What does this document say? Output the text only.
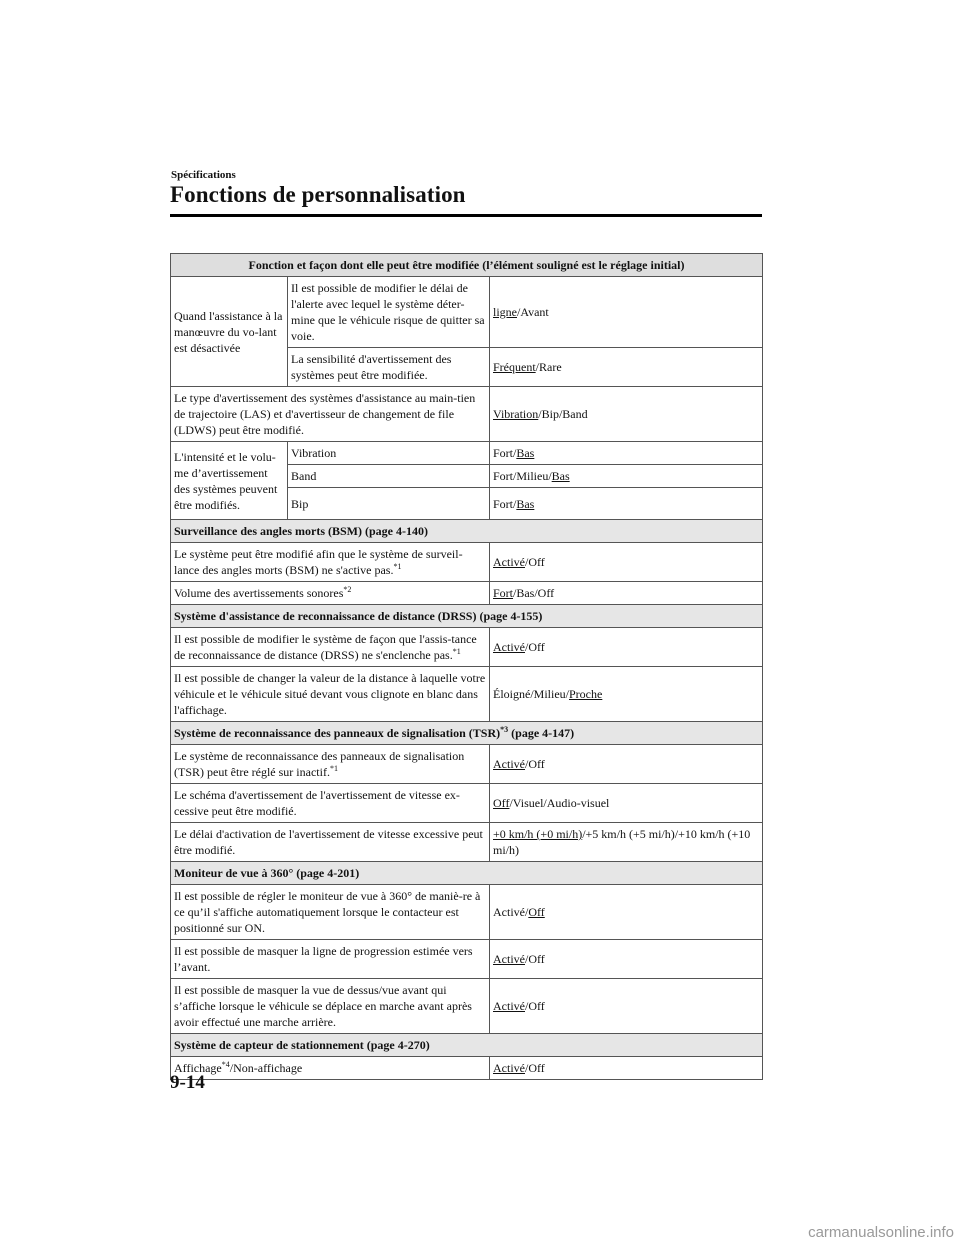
Spécifications
Fonctions de personnalisation
Fonction et façon dont elle peut être modifiée (l’élément souligné est le réglage initial)		
Quand l'assistance à la manœuvre du vo-lant est désactivée	Il est possible de modifier le délai de l'alerte avec lequel le système déter-mine que le véhicule risque de quitter sa voie.	ligne/Avant
	La sensibilité d'avertissement des systèmes peut être modifiée.	Fréquent/Rare
Le type d'avertissement des systèmes d'assistance au main-tien de trajectoire (LAS) et d'avertisseur de changement de file (LDWS) peut être modifié.		Vibration/Bip/Band
L'intensité et le volu-me d’avertissement des systèmes peuvent être modifiés.	Vibration	Fort/Bas
	Band	Fort/Milieu/Bas
	Bip	Fort/Bas
Surveillance des angles morts (BSM) (page 4-140)		
Le système peut être modifié afin que le système de surveil-lance des angles morts (BSM) ne s'active pas.$^{*1}$		Activé/Off
Volume des avertissements sonores$^{*2}$		Fort/Bas/Off
Système d'assistance de reconnaissance de distance (DRSS) (page 4-155)		
Il est possible de modifier le système de façon que l'assis-tance de reconnaissance de distance (DRSS) ne s'enclenche pas.$^{*1}$		Activé/Off
Il est possible de changer la valeur de la distance à laquelle votre véhicule et le véhicule situé devant vous clignote en blanc dans l'affichage.		Éloigné/Milieu/Proche
Système de reconnaissance des panneaux de signalisation (TSR)$^{*3}$ (page 4-147)		
Le système de reconnaissance des panneaux de signalisation (TSR) peut être réglé sur inactif.$^{*1}$		Activé/Off
Le schéma d'avertissement de l'avertissement de vitesse ex-cessive peut être modifié.		Off/Visuel/Audio-visuel
Le délai d'activation de l'avertissement de vitesse excessive peut être modifié.		+0 km/h (+0 mi/h)/+5 km/h (+5 mi/h)/+10 km/h (+10 mi/h)
Moniteur de vue à 360° (page 4-201)		
Il est possible de régler le moniteur de vue à 360° de maniè-re à ce qu’il s'affiche automatiquement lorsque le contacteur est positionné sur ON.		Activé/Off
Il est possible de masquer la ligne de progression estimée vers l’avant.		Activé/Off
Il est possible de masquer la vue de dessus/vue avant qui s’affiche lorsque le véhicule se déplace en marche avant après avoir effectué une marche arrière.		Activé/Off
Système de capteur de stationnement (page 4-270)		
Affichage$^{*4}$/Non-affichage		Activé/Off
9-14
carmanualsonline.info
